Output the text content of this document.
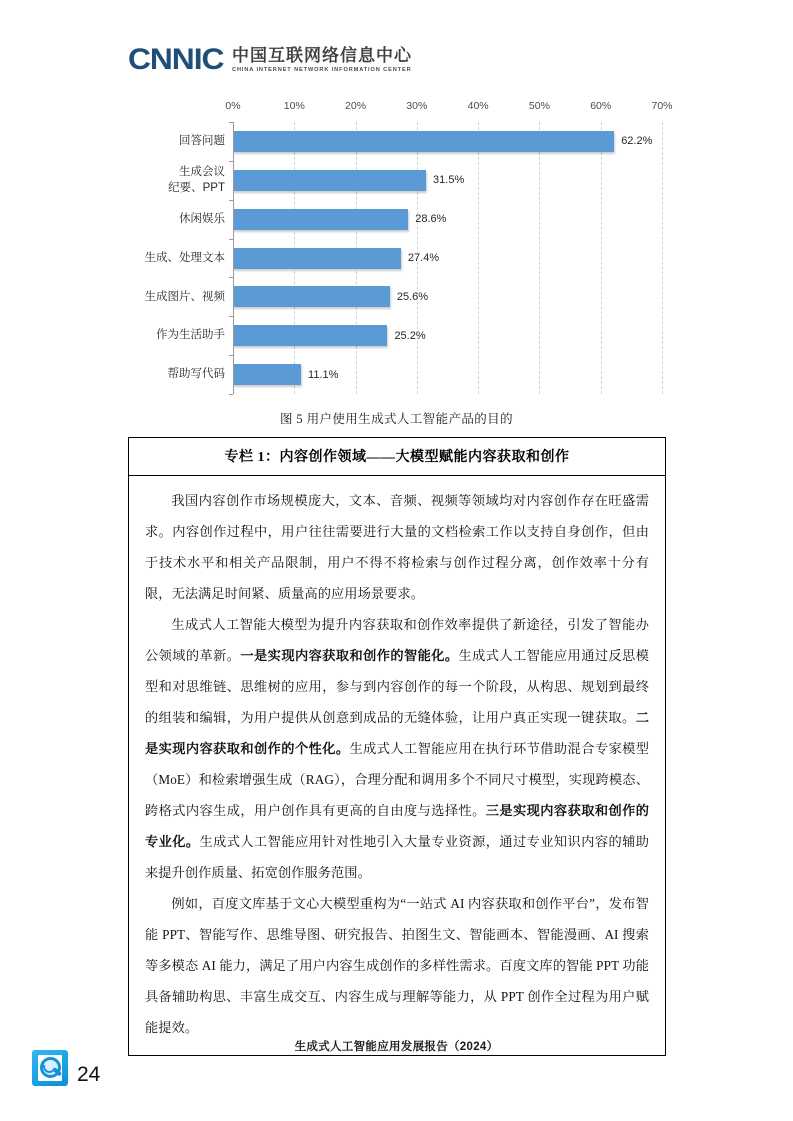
CNNIC 中国互联网络信息中心
CHINA INTERNET NETWORK INFORMATION CENTER
0%	10%	20%	30%	40%	50%	60%	70%
回答问题	62.2%
生成会议
纪要、PPT
31.5%
休闲娱乐	28.6%
生成、处理文本	27.4%
生成图片、视频	25.6%
作为生活助手	25.2%
帮助写代码	11.1%
图 5 用户使用生成式人工智能产品的目的
专栏 1：内容创作领域——大模型赋能内容获取和创作

我国内容创作市场规模庞大，文本、音频、视频等领域均对内容创作存在旺盛需求。内容创作过程中，用户往往需要进行大量的文档检索工作以支持自身创作，但由于技术水平和相关产品限制，用户不得不将检索与创作过程分离，创作效率十分有限，无法满足时间紧、质量高的应用场景要求。

生成式人工智能大模型为提升内容获取和创作效率提供了新途径，引发了智能办公领域的革新。一是实现内容获取和创作的智能化。生成式人工智能应用通过反思模型和对思维链、思维树的应用，参与到内容创作的每一个阶段，从构思、规划到最终的组装和编辑，为用户提供从创意到成品的无缝体验，让用户真正实现一键获取。二是实现内容获取和创作的个性化。生成式人工智能应用在执行环节借助混合专家模型（MoE）和检索增强生成（RAG），合理分配和调用多个不同尺寸模型，实现跨模态、跨格式内容生成，用户创作具有更高的自由度与选择性。三是实现内容获取和创作的专业化。生成式人工智能应用针对性地引入大量专业资源，通过专业知识内容的辅助来提升创作质量、拓宽创作服务范围。

例如，百度文库基于文心大模型重构为“一站式 AI 内容获取和创作平台”，发布智能 PPT、智能写作、思维导图、研究报告、拍图生文、智能画本、智能漫画、AI 搜索等多模态 AI 能力，满足了用户内容生成创作的多样性需求。百度文库的智能 PPT 功能具备辅助构思、丰富生成交互、内容生成与理解等能力，从 PPT 创作全过程为用户赋能提效。

生成式人工智能应用发展报告（2024）
24
